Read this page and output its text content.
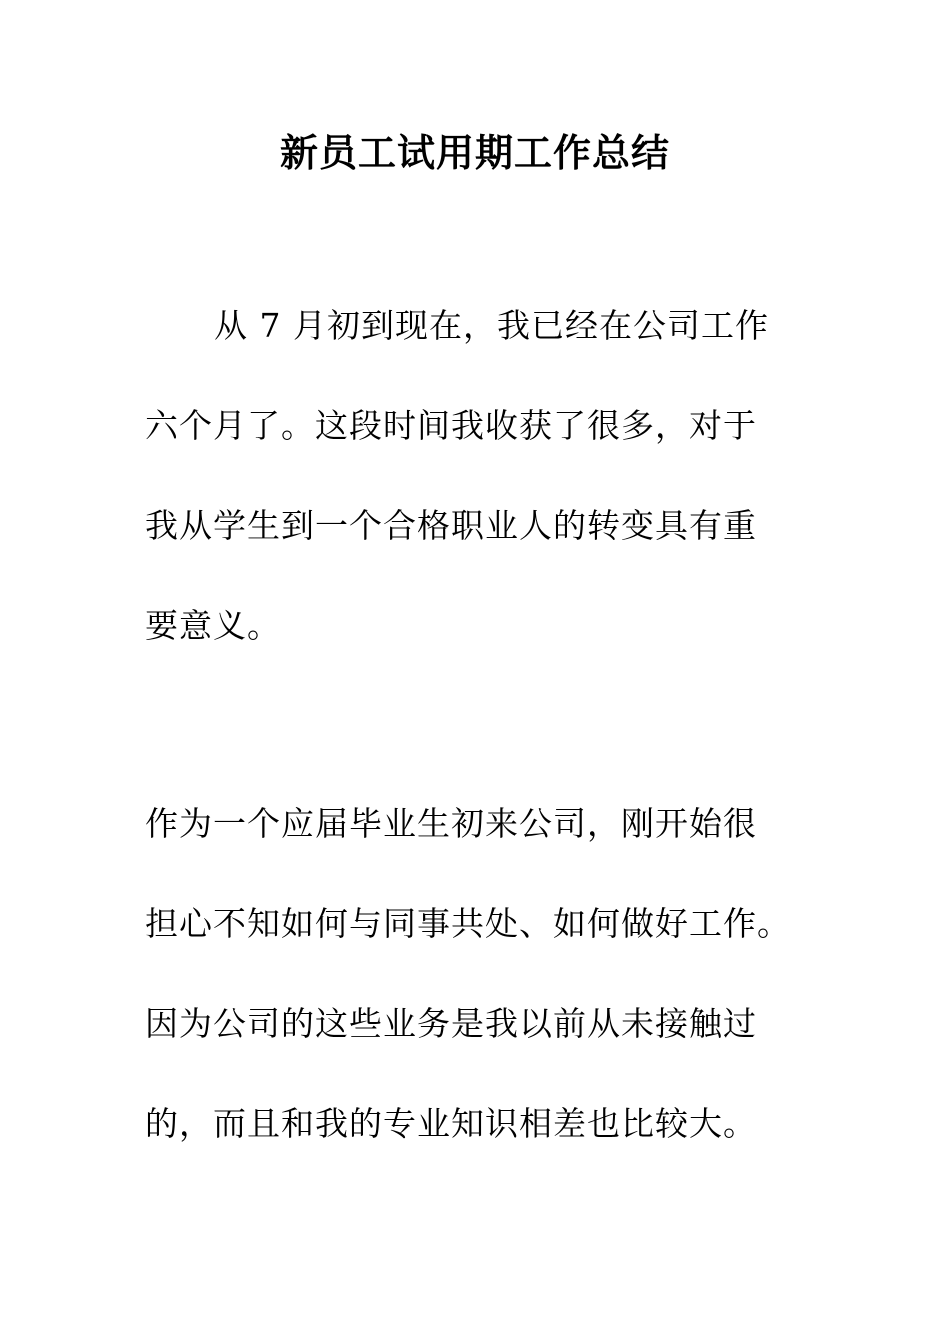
新员工试用期工作总结
从 7 月初到现在，我已经在公司工作
六个月了。这段时间我收获了很多，对于
我从学生到一个合格职业人的转变具有重
要意义。
作为一个应届毕业生初来公司，刚开始很
担心不知如何与同事共处、如何做好工作。
因为公司的这些业务是我以前从未接触过
的，而且和我的专业知识相差也比较大。
